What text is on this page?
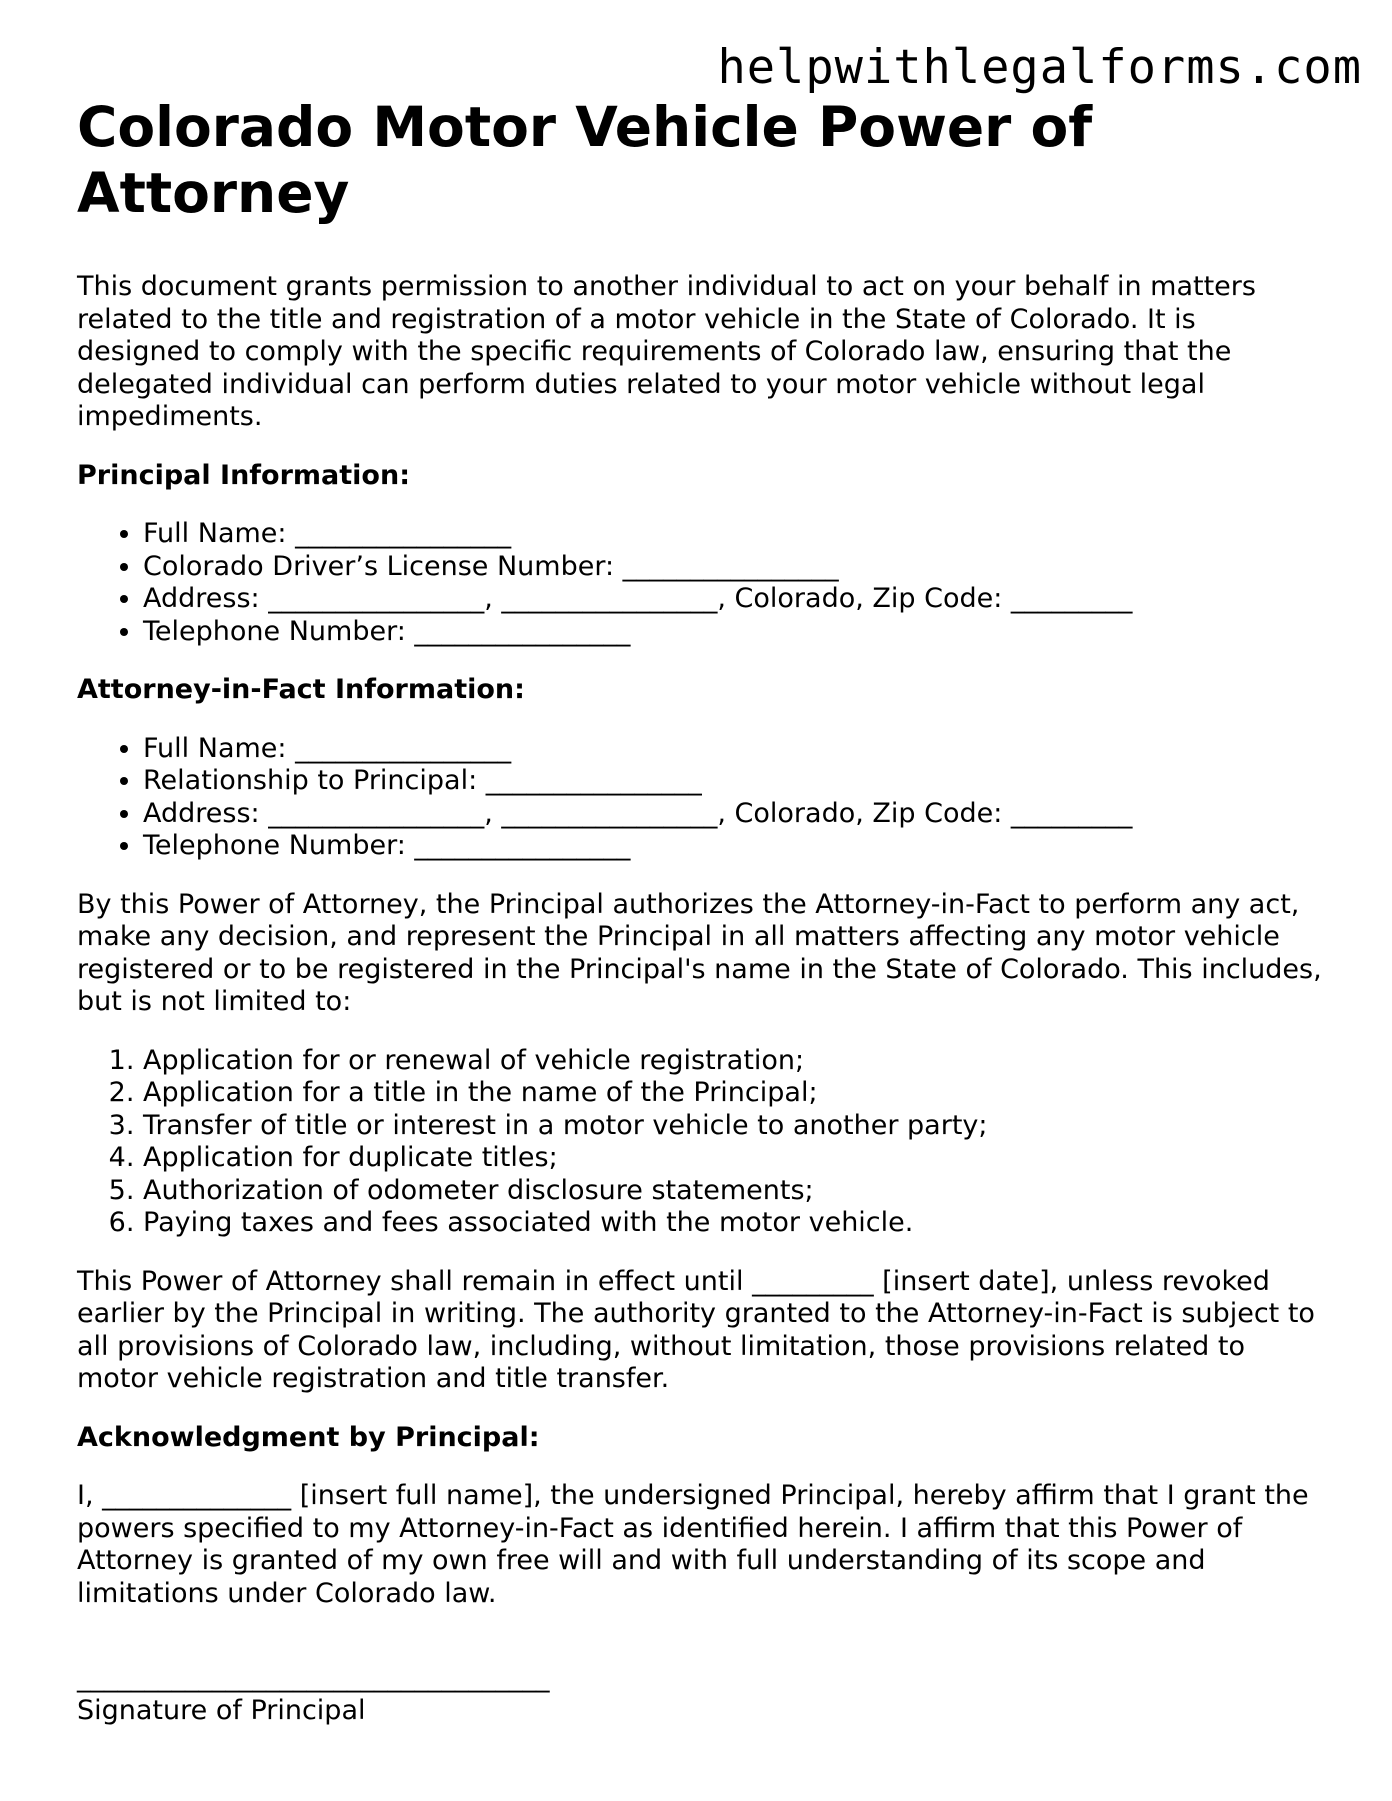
helpwithlegalforms.com
Colorado Motor Vehicle Power of Attorney

This document grants permission to another individual to act on your behalf in matters related to the title and registration of a motor vehicle in the State of Colorado. It is designed to comply with the specific requirements of Colorado law, ensuring that the delegated individual can perform duties related to your motor vehicle without legal impediments.

Principal Information:

• Full Name: ________________
• Colorado Driver’s License Number: ________________
• Address: ________________, ________________, Colorado, Zip Code: _________
• Telephone Number: ________________

Attorney-in-Fact Information:

• Full Name: ________________
• Relationship to Principal: ________________
• Address: ________________, ________________, Colorado, Zip Code: _________
• Telephone Number: ________________

By this Power of Attorney, the Principal authorizes the Attorney-in-Fact to perform any act, make any decision, and represent the Principal in all matters affecting any motor vehicle registered or to be registered in the Principal's name in the State of Colorado. This includes, but is not limited to:

1. Application for or renewal of vehicle registration;
2. Application for a title in the name of the Principal;
3. Transfer of title or interest in a motor vehicle to another party;
4. Application for duplicate titles;
5. Authorization of odometer disclosure statements;
6. Paying taxes and fees associated with the motor vehicle.

This Power of Attorney shall remain in effect until _________ [insert date], unless revoked earlier by the Principal in writing. The authority granted to the Attorney-in-Fact is subject to all provisions of Colorado law, including, without limitation, those provisions related to motor vehicle registration and title transfer.

Acknowledgment by Principal:

I, ______________ [insert full name], the undersigned Principal, hereby affirm that I grant the powers specified to my Attorney-in-Fact as identified herein. I affirm that this Power of Attorney is granted of my own free will and with full understanding of its scope and limitations under Colorado law.

___________________________________

Signature of Principal
